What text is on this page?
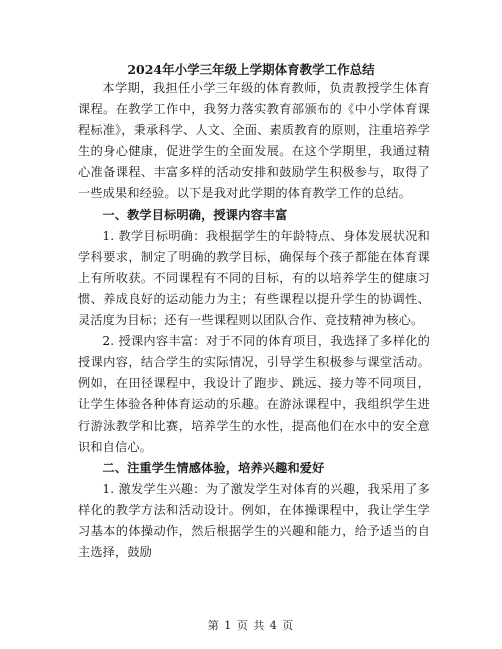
2024年小学三年级上学期体育教学工作总结

本学期，我担任小学三年级的体育教师，负责教授学生体育课程。在教学工作中，我努力落实教育部颁布的《中小学体育课程标准》，秉承科学、人文、全面、素质教育的原则，注重培养学生的身心健康，促进学生的全面发展。在这个学期里，我通过精心准备课程、丰富多样的活动安排和鼓励学生积极参与，取得了一些成果和经验。以下是我对此学期的体育教学工作的总结。

一、教学目标明确，授课内容丰富

1. 教学目标明确：我根据学生的年龄特点、身体发展状况和学科要求，制定了明确的教学目标，确保每个孩子都能在体育课上有所收获。不同课程有不同的目标，有的以培养学生的健康习惯、养成良好的运动能力为主；有些课程以提升学生的协调性、灵活度为目标；还有一些课程则以团队合作、竞技精神为核心。

2. 授课内容丰富：对于不同的体育项目，我选择了多样化的授课内容，结合学生的实际情况，引导学生积极参与课堂活动。例如，在田径课程中，我设计了跑步、跳远、接力等不同项目，让学生体验各种体育运动的乐趣。在游泳课程中，我组织学生进行游泳教学和比赛，培养学生的水性，提高他们在水中的安全意识和自信心。

二、注重学生情感体验，培养兴趣和爱好

1. 激发学生兴趣：为了激发学生对体育的兴趣，我采用了多样化的教学方法和活动设计。例如，在体操课程中，我让学生学习基本的体操动作，然后根据学生的兴趣和能力，给予适当的自主选择，鼓励

第 1 页 共 4 页
